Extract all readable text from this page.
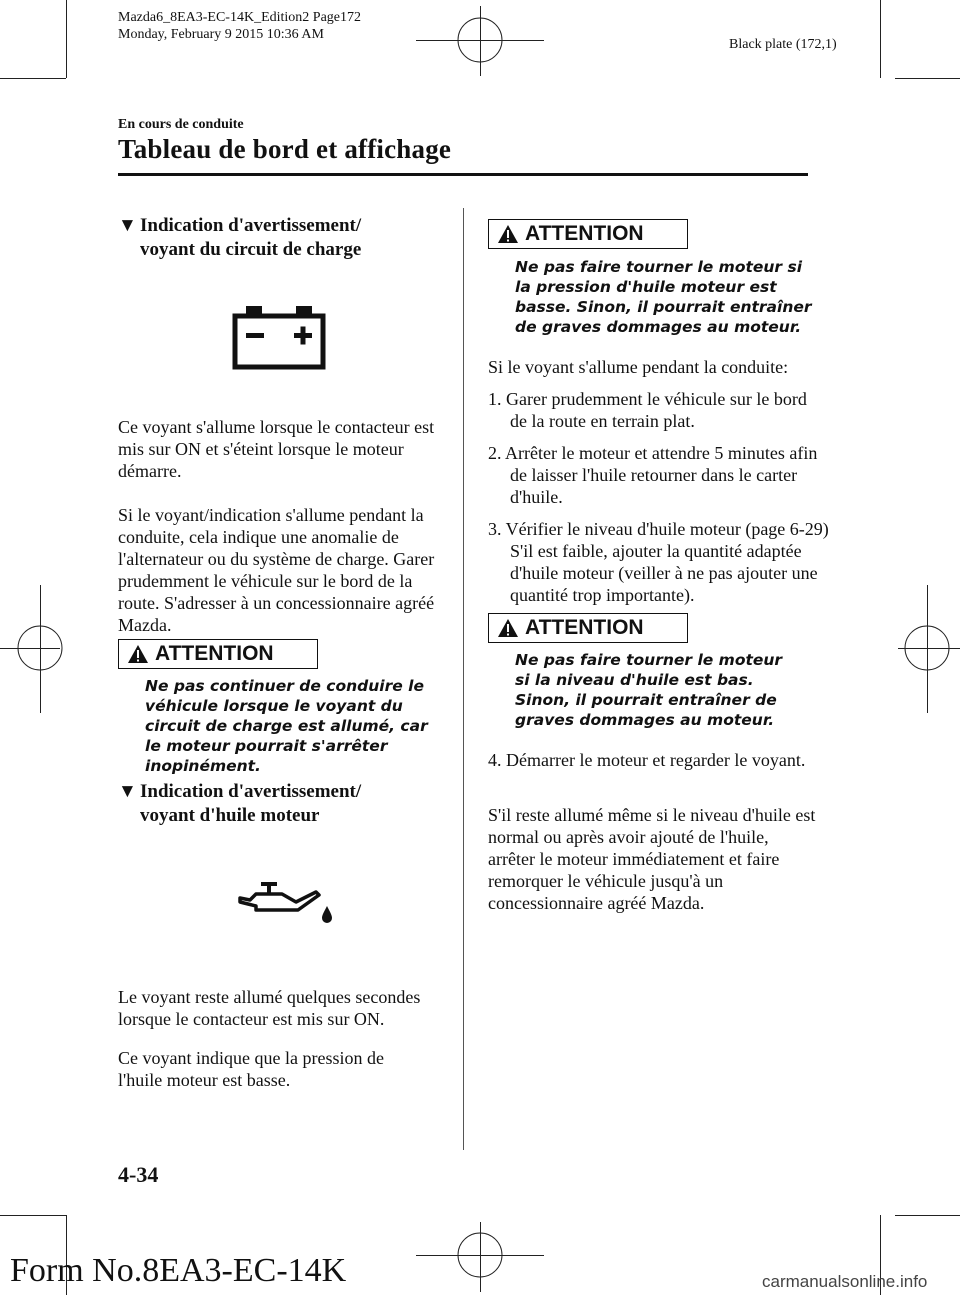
Mazda6_8EA3-EC-14K_Edition2 Page172
Monday, February 9 2015 10:36 AM
Black plate (172,1)
En cours de conduite
Tableau de bord et affichage
▼ Indication d'avertissement/
voyant du circuit de charge
Ce voyant s'allume lorsque le contacteur est mis sur ON et s'éteint lorsque le moteur démarre.
Si le voyant/indication s'allume pendant la conduite, cela indique une anomalie de l'alternateur ou du système de charge. Garer prudemment le véhicule sur le bord de la route. S'adresser à un concessionnaire agréé Mazda.
ATTENTION
Ne pas continuer de conduire le véhicule lorsque le voyant du circuit de charge est allumé, car le moteur pourrait s'arrêter inopinément.
▼ Indication d'avertissement/
voyant d'huile moteur
Le voyant reste allumé quelques secondes lorsque le contacteur est mis sur ON.
Ce voyant indique que la pression de l'huile moteur est basse.
ATTENTION
Ne pas faire tourner le moteur si la pression d'huile moteur est basse. Sinon, il pourrait entraîner de graves dommages au moteur.
Si le voyant s'allume pendant la conduite:
1. Garer prudemment le véhicule sur le bord de la route en terrain plat.
2. Arrêter le moteur et attendre 5 minutes afin de laisser l'huile retourner dans le carter d'huile.
3. Vérifier le niveau d'huile moteur (page 6-29) S'il est faible, ajouter la quantité adaptée d'huile moteur (veiller à ne pas ajouter une quantité trop importante).
ATTENTION
Ne pas faire tourner le moteur si la niveau d'huile est bas. Sinon, il pourrait entraîner de graves dommages au moteur.
4. Démarrer le moteur et regarder le voyant.
S'il reste allumé même si le niveau d'huile est normal ou après avoir ajouté de l'huile, arrêter le moteur immédiatement et faire remorquer le véhicule jusqu'à un concessionnaire agréé Mazda.
4-34
Form No.8EA3-EC-14K	carmanualsonline.info
